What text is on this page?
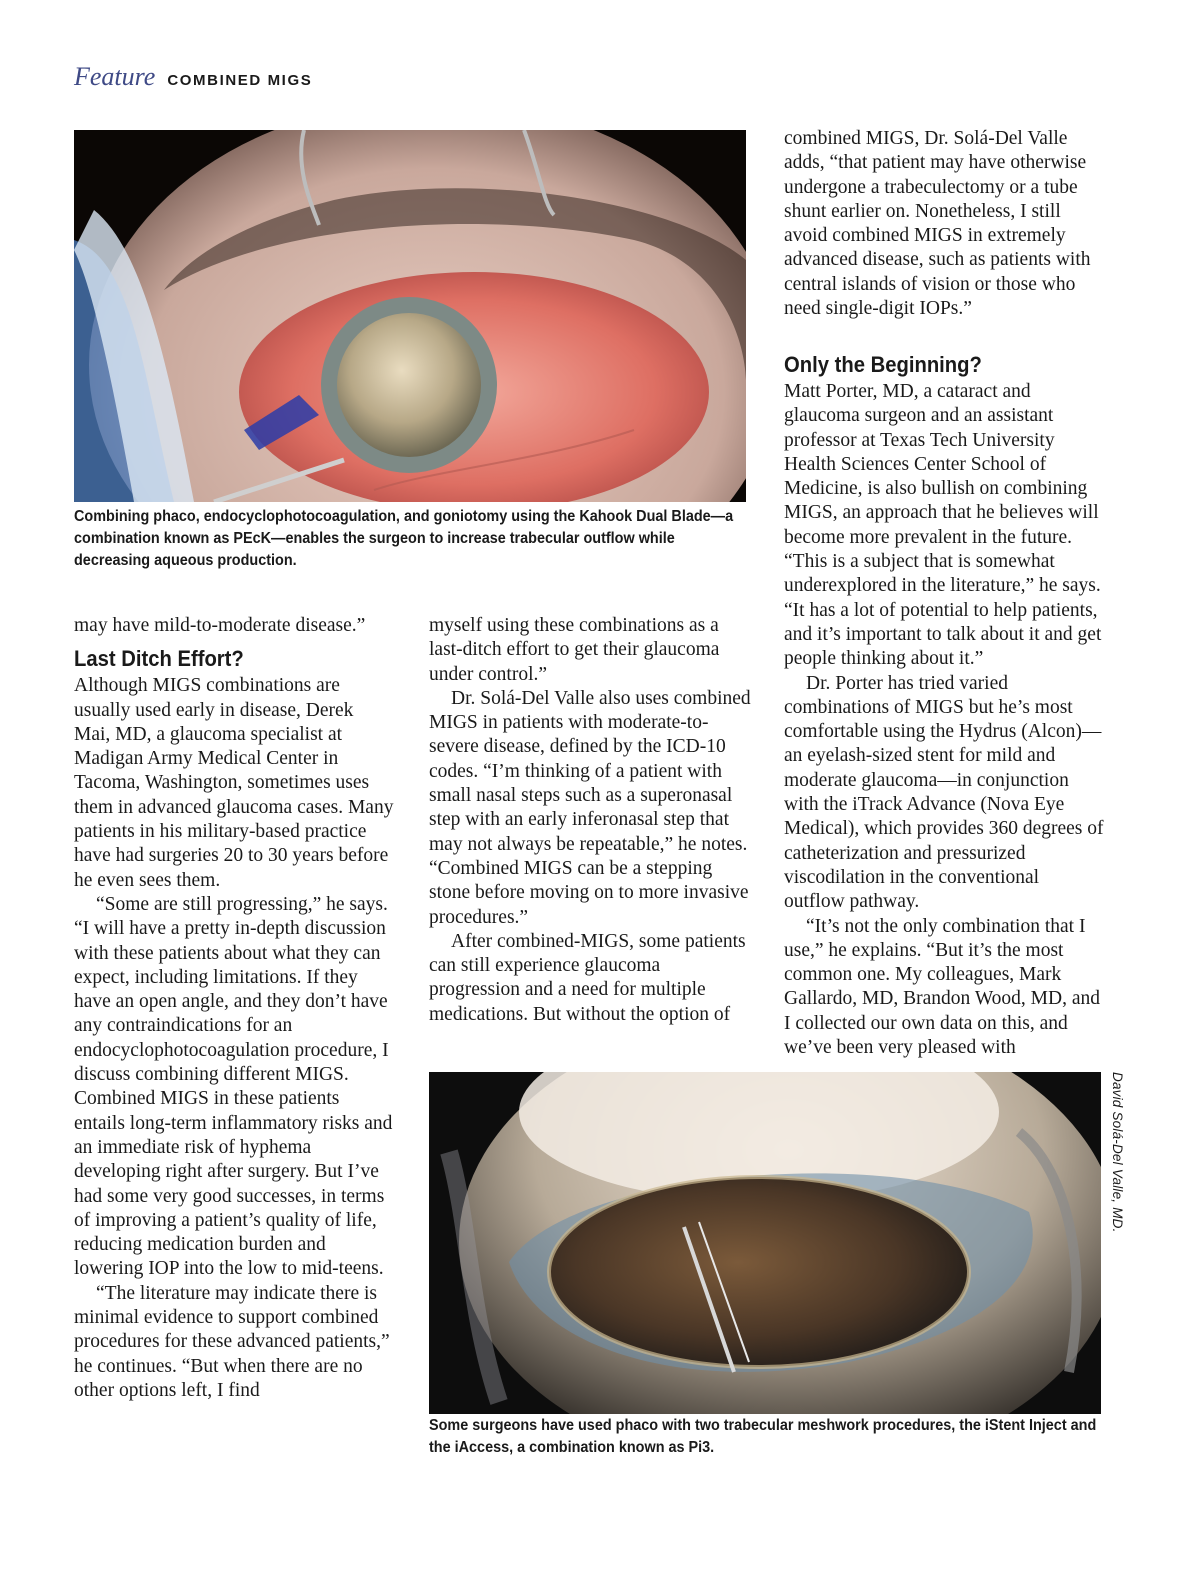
Feature COMBINED MIGS
Combining phaco, endocyclophotocoagulation, and goniotomy using the Kahook Dual Blade—a combination known as PEcK—enables the surgeon to increase trabecular outflow while decreasing aqueous production.

may have mild-to-moderate disease.”

Last Ditch Effort?

Although MIGS combinations are usually used early in disease, Derek Mai, MD, a glaucoma specialist at Madigan Army Medical Center in Tacoma, Washington, sometimes uses them in advanced glaucoma cases. Many patients in his military-based practice have had surgeries 20 to 30 years before he even sees them.

“Some are still progressing,” he says. “I will have a pretty in-depth discussion with these patients about what they can expect, including limitations. If they have an open angle, and they don’t have any contraindications for an endocyclophotocoagulation procedure, I discuss combining different MIGS. Combined MIGS in these patients entails long-term inflammatory risks and an immediate risk of hyphema developing right after surgery. But I’ve had some very good successes, in terms of improving a patient’s quality of life, reducing medication burden and lowering IOP into the low to mid-teens.

“The literature may indicate there is minimal evidence to support combined procedures for these advanced patients,” he continues. “But when there are no other options left, I find

myself using these combinations as a last-ditch effort to get their glaucoma under control.”

Dr. Solá-Del Valle also uses combined MIGS in patients with moderate-to-severe disease, defined by the ICD-10 codes. “I’m thinking of a patient with small nasal steps such as a superonasal step with an early inferonasal step that may not always be repeatable,” he notes. “Combined MIGS can be a stepping stone before moving on to more invasive procedures.”

After combined-MIGS, some patients can still experience glaucoma progression and a need for multiple medications. But without the option of

combined MIGS, Dr. Solá-Del Valle adds, “that patient may have otherwise undergone a trabeculectomy or a tube shunt earlier on. Nonetheless, I still avoid combined MIGS in extremely advanced disease, such as patients with central islands of vision or those who need single-digit IOPs.”

Only the Beginning?

Matt Porter, MD, a cataract and glaucoma surgeon and an assistant professor at Texas Tech University Health Sciences Center School of Medicine, is also bullish on combining MIGS, an approach that he believes will become more prevalent in the future. “This is a subject that is somewhat underexplored in the literature,” he says. “It has a lot of potential to help patients, and it’s important to talk about it and get people thinking about it.”

Dr. Porter has tried varied combinations of MIGS but he’s most comfortable using the Hydrus (Alcon)—an eyelash-sized stent for mild and moderate glaucoma—in conjunction with the iTrack Advance (Nova Eye Medical), which provides 360 degrees of catheterization and pressurized viscodilation in the conventional outflow pathway.

“It’s not the only combination that I use,” he explains. “But it’s the most common one. My colleagues, Mark Gallardo, MD, Brandon Wood, MD, and I collected our own data on this, and we’ve been very pleased with

Some surgeons have used phaco with two trabecular meshwork procedures, the iStent Inject and the iAccess, a combination known as Pi3.
David Solá-Del Valle, MD.
